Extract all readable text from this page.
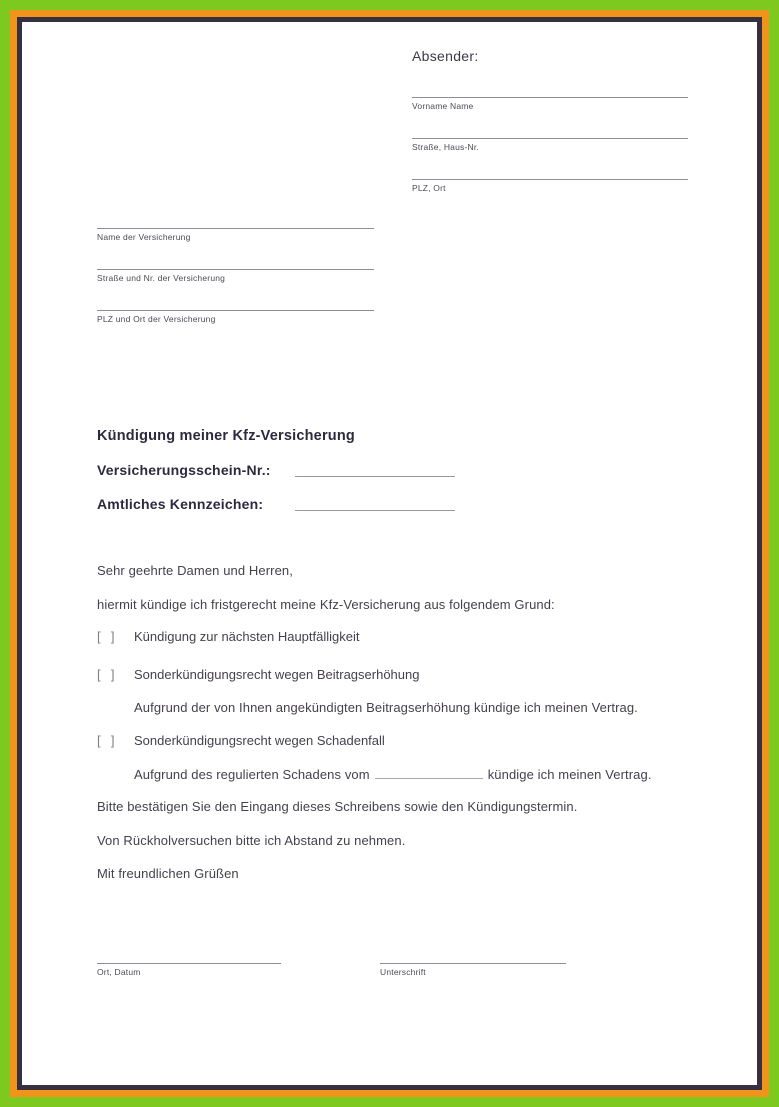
Absender:
Vorname Name
Straße, Haus-Nr.
PLZ, Ort
Name der Versicherung
Straße und Nr. der Versicherung
PLZ und Ort der Versicherung
Kündigung meiner Kfz-Versicherung
Versicherungsschein-Nr.:
Amtliches Kennzeichen:
Sehr geehrte Damen und Herren,
hiermit kündige ich fristgerecht meine Kfz-Versicherung aus folgendem Grund:
[  ] Kündigung zur nächsten Hauptfälligkeit
[  ] Sonderkündigungsrecht wegen Beitragserhöhung
Aufgrund der von Ihnen angekündigten Beitragserhöhung kündige ich meinen Vertrag.
[  ] Sonderkündigungsrecht wegen Schadenfall
Aufgrund des regulierten Schadens vom	kündige ich meinen Vertrag.
Bitte bestätigen Sie den Eingang dieses Schreibens sowie den Kündigungstermin.
Von Rückholversuchen bitte ich Abstand zu nehmen.
Mit freundlichen Grüßen
Ort, Datum	Unterschrift
